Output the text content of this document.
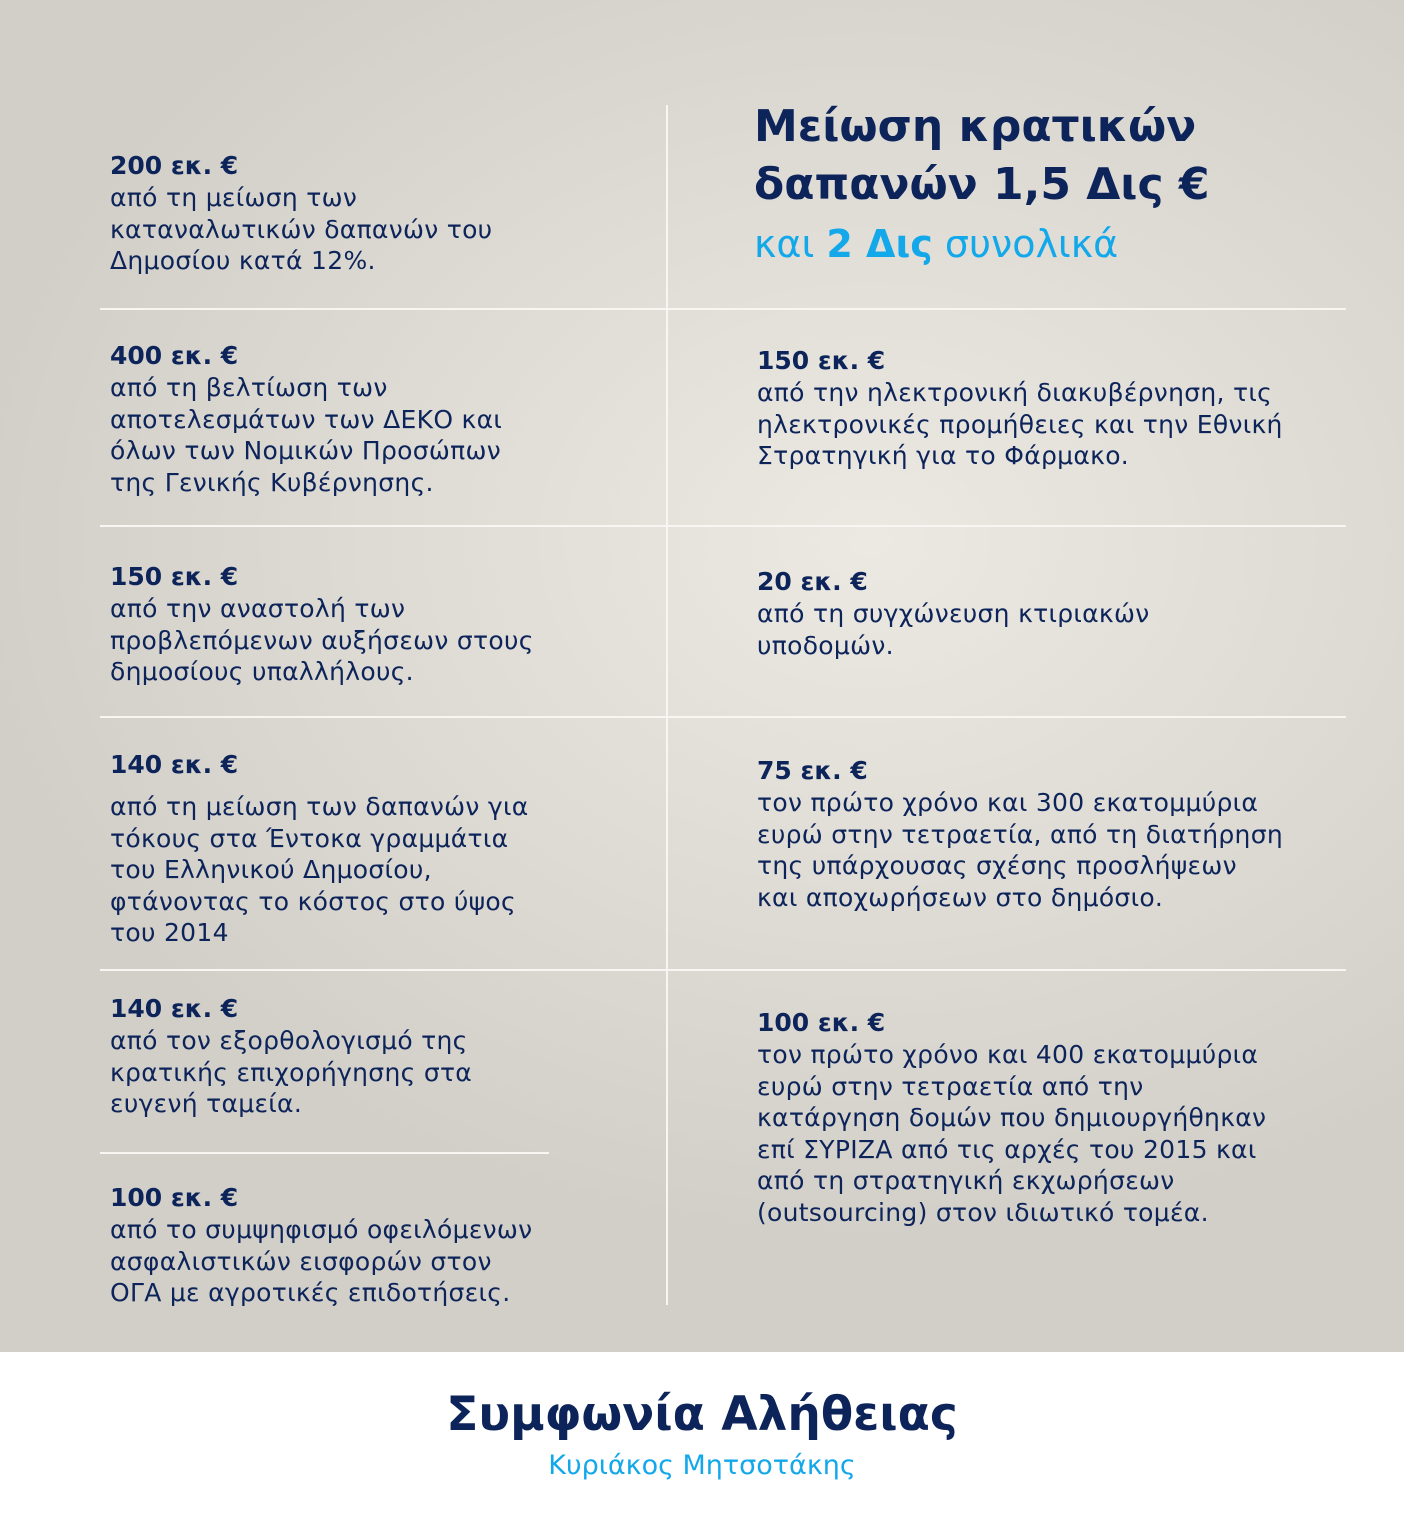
Μείωση κρατικών
δαπανών 1,5 Δις €
και 2 Δις συνολικά
200 εκ. €
από τη μείωση των
καταναλωτικών δαπανών του
Δημοσίου κατά 12%.
400 εκ. €
από τη βελτίωση των
αποτελεσμάτων των ΔΕΚΟ και
όλων των Νομικών Προσώπων
της Γενικής Κυβέρνησης.
150 εκ. €
από την αναστολή των
προβλεπόμενων αυξήσεων στους
δημοσίους υπαλλήλους.
140 εκ. €
από τη μείωση των δαπανών για
τόκους στα Έντοκα γραμμάτια
του Ελληνικού Δημοσίου,
φτάνοντας το κόστος στο ύψος
του 2014
140 εκ. €
από τον εξορθολογισμό της
κρατικής επιχορήγησης στα
ευγενή ταμεία.
100 εκ. €
από το συμψηφισμό οφειλόμενων
ασφαλιστικών εισφορών στον
ΟΓΑ με αγροτικές επιδοτήσεις.
150 εκ. €
από την ηλεκτρονική διακυβέρνηση, τις
ηλεκτρονικές προμήθειες και την Εθνική
Στρατηγική για το Φάρμακο.
20 εκ. €
από τη συγχώνευση κτιριακών
υποδομών.
75 εκ. €
τον πρώτο χρόνο και 300 εκατομμύρια
ευρώ στην τετραετία, από τη διατήρηση
της υπάρχουσας σχέσης προσλήψεων
και αποχωρήσεων στο δημόσιο.
100 εκ. €
τον πρώτο χρόνο και 400 εκατομμύρια
ευρώ στην τετραετία από την
κατάργηση δομών που δημιουργήθηκαν
επί ΣΥΡΙΖΑ από τις αρχές του 2015 και
από τη στρατηγική εκχωρήσεων
(outsourcing) στον ιδιωτικό τομέα.
Συμφωνία Αλήθειας
Κυριάκος Μητσοτάκης
